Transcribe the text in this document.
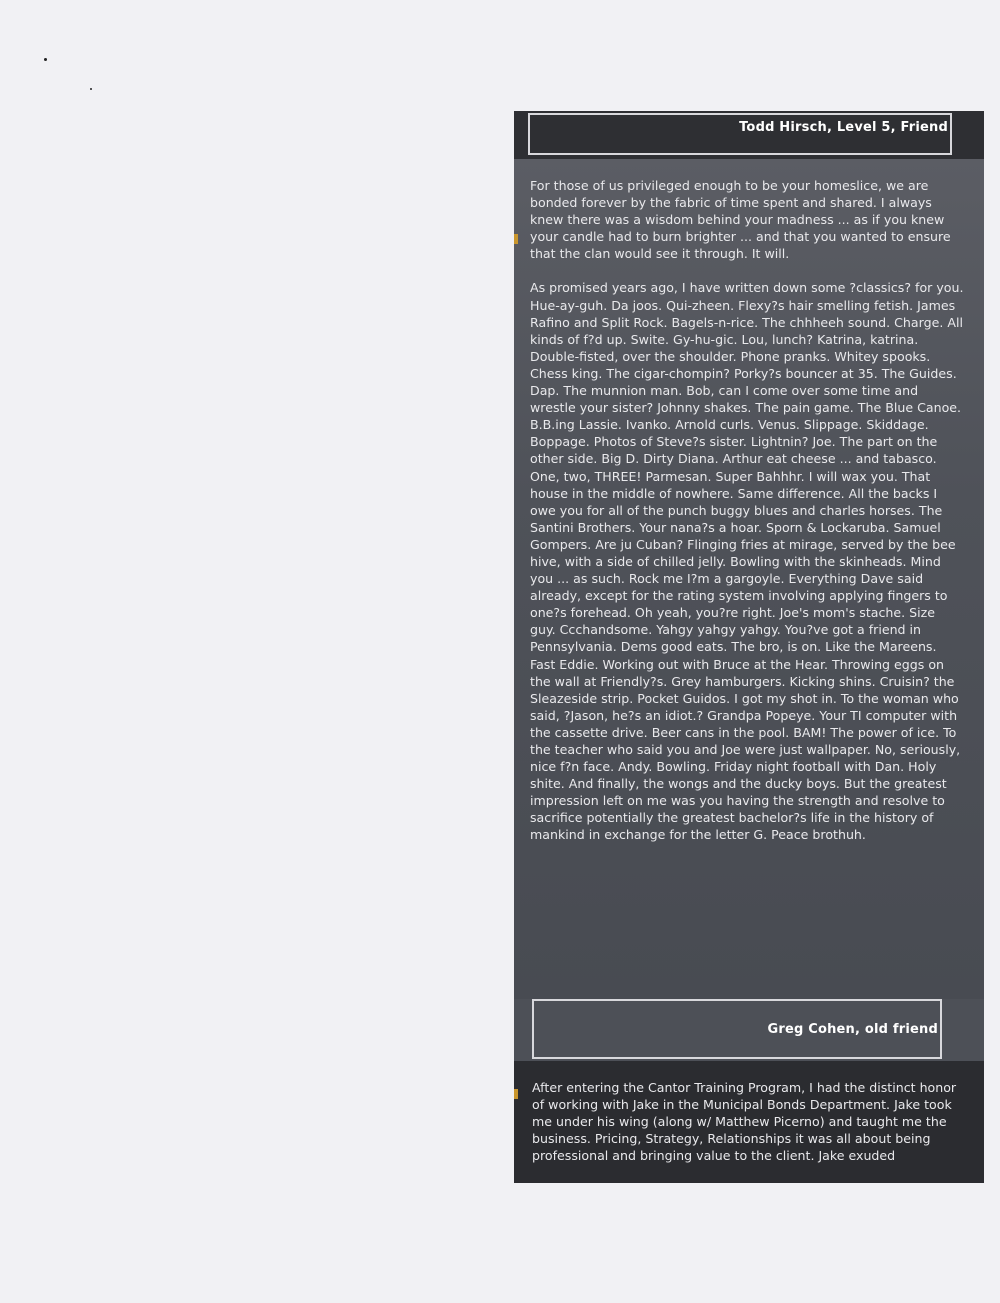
Todd Hirsch, Level 5, Friend

For those of us privileged enough to be your homeslice, we are bonded forever by the fabric of time spent and shared. I always knew there was a wisdom behind your madness ... as if you knew your candle had to burn brighter ... and that you wanted to ensure that the clan would see it through. It will.

As promised years ago, I have written down some ?classics? for you. Hue-ay-guh. Da joos. Qui-zheen. Flexy?s hair smelling fetish. James Rafino and Split Rock. Bagels-n-rice. The chhheeh sound. Charge. All kinds of f?d up. Swite. Gy-hu-gic. Lou, lunch? Katrina, katrina. Double-fisted, over the shoulder. Phone pranks. Whitey spooks. Chess king. The cigar-chompin? Porky?s bouncer at 35. The Guides. Dap. The munnion man. Bob, can I come over some time and wrestle your sister? Johnny shakes. The pain game. The Blue Canoe. B.B.ing Lassie. Ivanko. Arnold curls. Venus. Slippage. Skiddage. Boppage. Photos of Steve?s sister. Lightnin? Joe. The part on the other side. Big D. Dirty Diana. Arthur eat cheese ... and tabasco. One, two, THREE! Parmesan. Super Bahhhr. I will wax you. That house in the middle of nowhere. Same difference. All the backs I owe you for all of the punch buggy blues and charles horses. The Santini Brothers. Your nana?s a hoar. Sporn & Lockaruba. Samuel Gompers. Are ju Cuban? Flinging fries at mirage, served by the bee hive, with a side of chilled jelly. Bowling with the skinheads. Mind you ... as such. Rock me I?m a gargoyle. Everything Dave said already, except for the rating system involving applying fingers to one?s forehead. Oh yeah, you?re right. Joe's mom's stache. Size guy. Ccchandsome. Yahgy yahgy yahgy. You?ve got a friend in Pennsylvania. Dems good eats. The bro, is on. Like the Mareens. Fast Eddie. Working out with Bruce at the Hear. Throwing eggs on the wall at Friendly?s. Grey hamburgers. Kicking shins. Cruisin? the Sleazeside strip. Pocket Guidos. I got my shot in. To the woman who said, ?Jason, he?s an idiot.? Grandpa Popeye. Your TI computer with the cassette drive. Beer cans in the pool. BAM! The power of ice. To the teacher who said you and Joe were just wallpaper. No, seriously, nice f?n face. Andy. Bowling. Friday night football with Dan. Holy shite. And finally, the wongs and the ducky boys. But the greatest impression left on me was you having the strength and resolve to sacrifice potentially the greatest bachelor?s life in the history of mankind in exchange for the letter G. Peace brothuh.

Greg Cohen, old friend

After entering the Cantor Training Program, I had the distinct honor of working with Jake in the Municipal Bonds Department. Jake took me under his wing (along w/ Matthew Picerno) and taught me the business. Pricing, Strategy, Relationships it was all about being professional and bringing value to the client. Jake exuded
